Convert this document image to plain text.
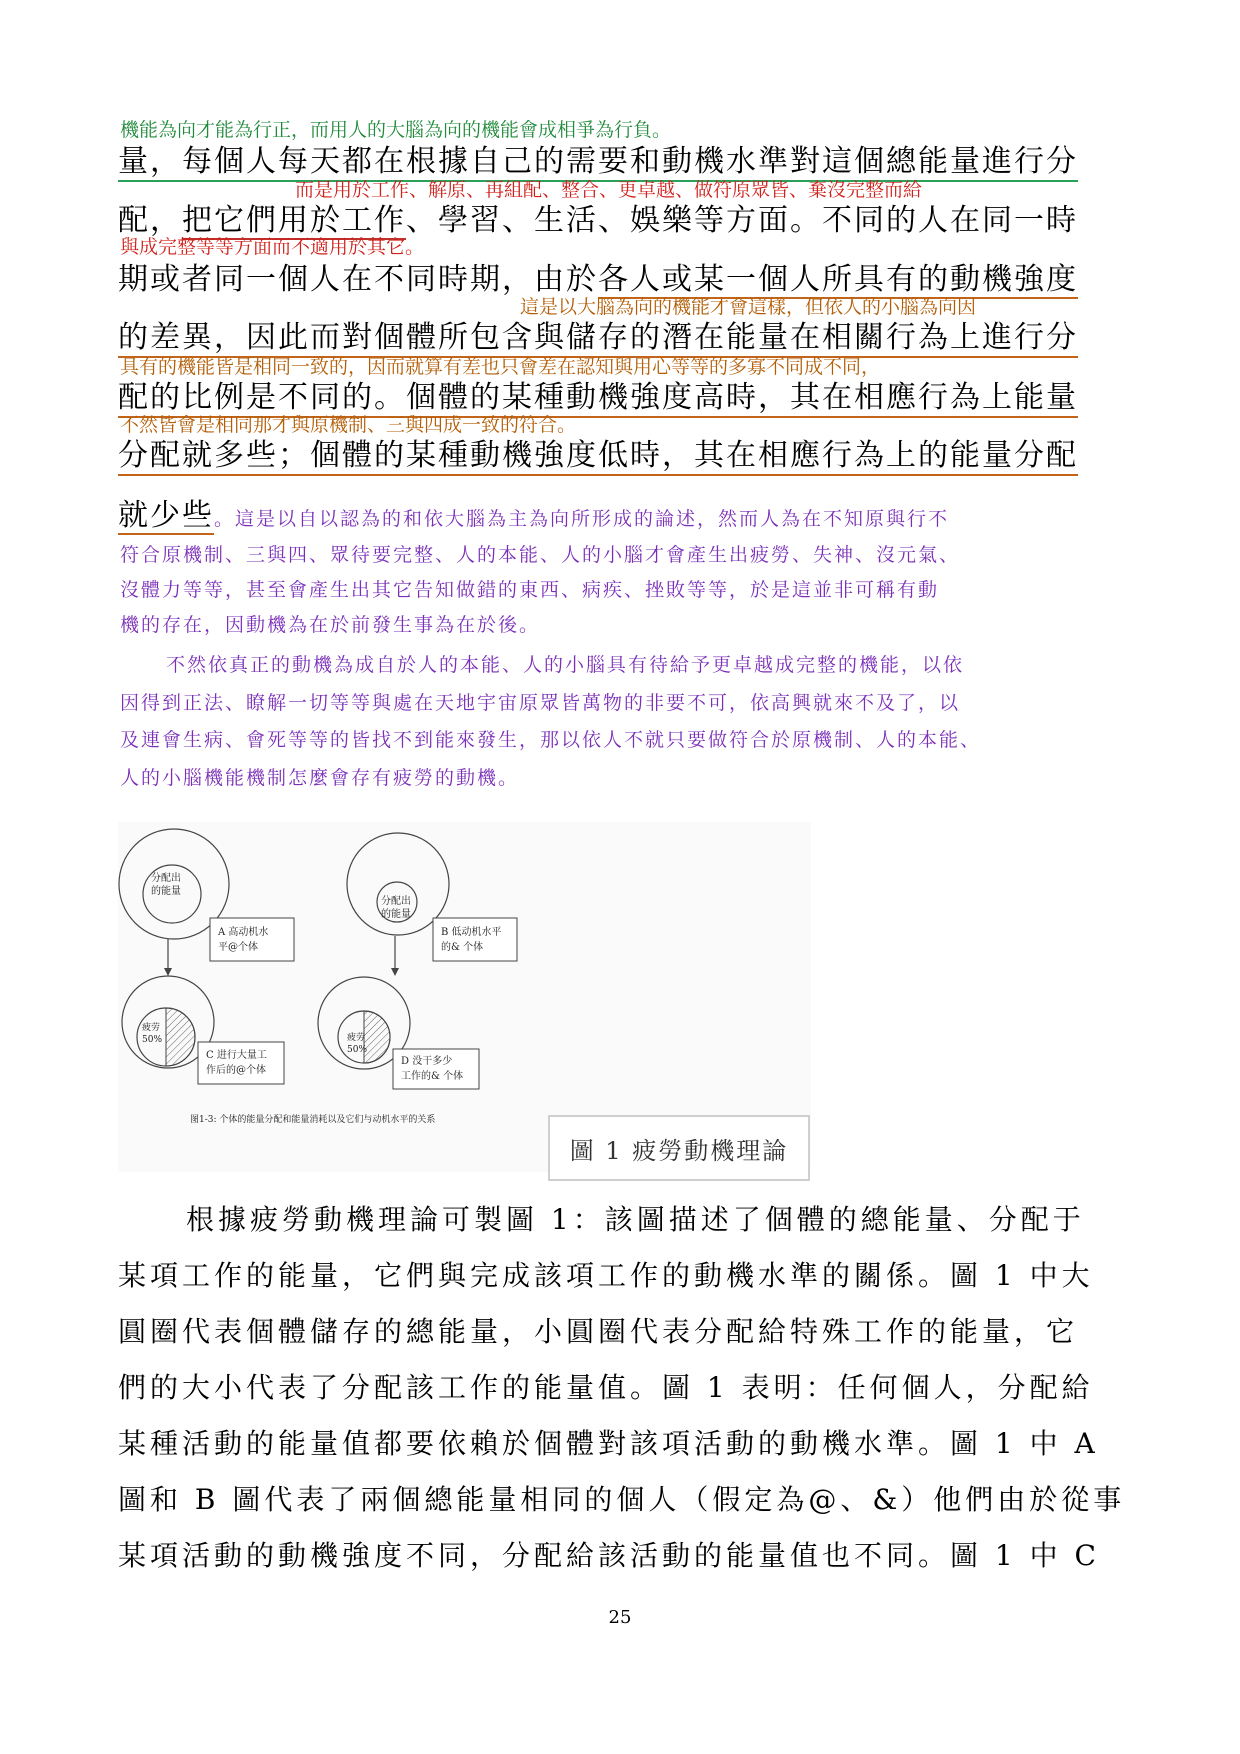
機能為向才能為行正，而用人的大腦為向的機能會成相爭為行負。
量，每個人每天都在根據自己的需要和動機水準對這個總能量進行分
而是用於工作、解原、再組配、整合、更卓越、做符原眾皆、棄沒完整而給
配，把它們用於工作、學習、生活、娛樂等方面。不同的人在同一時
與成完整等等方面而不適用於其它。
期或者同一個人在不同時期，由於各人或某一個人所具有的動機強度
這是以大腦為向的機能才會這樣，但依人的小腦為向因
的差異，因此而對個體所包含與儲存的潛在能量在相關行為上進行分
具有的機能皆是相同一致的，因而就算有差也只會差在認知與用心等等的多寡不同成不同，
配的比例是不同的。個體的某種動機強度高時，其在相應行為上能量
不然皆會是相同那才與原機制、三與四成一致的符合。
分配就多些；個體的某種動機強度低時，其在相應行為上的能量分配
就少些。這是以自以認為的和依大腦為主為向所形成的論述，然而人為在不知原與行不
符合原機制、三與四、眾待要完整、人的本能、人的小腦才會產生出疲勞、失神、沒元氣、
沒體力等等，甚至會產生出其它告知做錯的東西、病疾、挫敗等等，於是這並非可稱有動
機的存在，因動機為在於前發生事為在於後。
不然依真正的動機為成自於人的本能、人的小腦具有待給予更卓越成完整的機能，以依
因得到正法、瞭解一切等等與處在天地宇宙原眾皆萬物的非要不可，依高興就來不及了，以
及連會生病、會死等等的皆找不到能來發生，那以依人不就只要做符合於原機制、人的本能、
人的小腦機能機制怎麼會存有疲勞的動機。
分配出
的能量
分配出
的能量
A 高动机水
平@个体
B 低动机水平
的& 个体
疲劳
50%	疲劳
50%
C 进行大量工
作后的@个体
D 没干多少
工作的& 个体
图1-3: 个体的能量分配和能量消耗以及它们与动机水平的关系
圖 1 疲勞動機理論
根據疲勞動機理論可製圖 1：該圖描述了個體的總能量、分配于
某項工作的能量，它們與完成該項工作的動機水準的關係。圖 1 中大
圓圈代表個體儲存的總能量，小圓圈代表分配給特殊工作的能量，它
們的大小代表了分配該工作的能量值。圖 1 表明：任何個人，分配給
某種活動的能量值都要依賴於個體對該項活動的動機水準。圖 1 中 A
圖和 B 圖代表了兩個總能量相同的個人（假定為@、&）他們由於從事
某項活動的動機強度不同，分配給該活動的能量值也不同。圖 1 中 C
25
